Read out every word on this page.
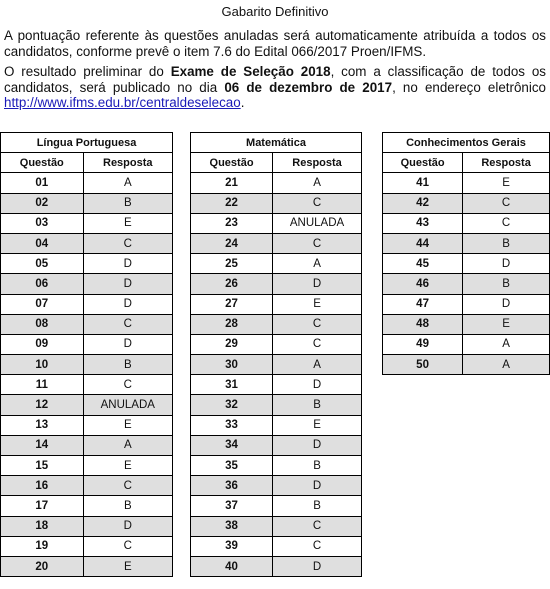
Gabarito Definitivo
A pontuação referente às questões anuladas será automaticamente atribuída a todos os candidatos, conforme prevê o item 7.6 do Edital 066/2017 Proen/IFMS.
O resultado preliminar do Exame de Seleção 2018, com a classificação de todos os candidatos, será publicado no dia 06 de dezembro de 2017, no endereço eletrônico http://www.ifms.edu.br/centraldeselecao.
Língua Portuguesa	
Questão	Resposta
01	A
02	B
03	E
04	C
05	D
06	D
07	D
08	C
09	D
10	B
11	C
12	ANULADA
13	E
14	A
15	E
16	C
17	B
18	D
19	C
20	E
Matemática	
Questão	Resposta
21	A
22	C
23	ANULADA
24	C
25	A
26	D
27	E
28	C
29	C
30	A
31	D
32	B
33	E
34	D
35	B
36	D
37	B
38	C
39	C
40	D
Conhecimentos Gerais	
Questão	Resposta
41	E
42	C
43	C
44	B
45	D
46	B
47	D
48	E
49	A
50	A
